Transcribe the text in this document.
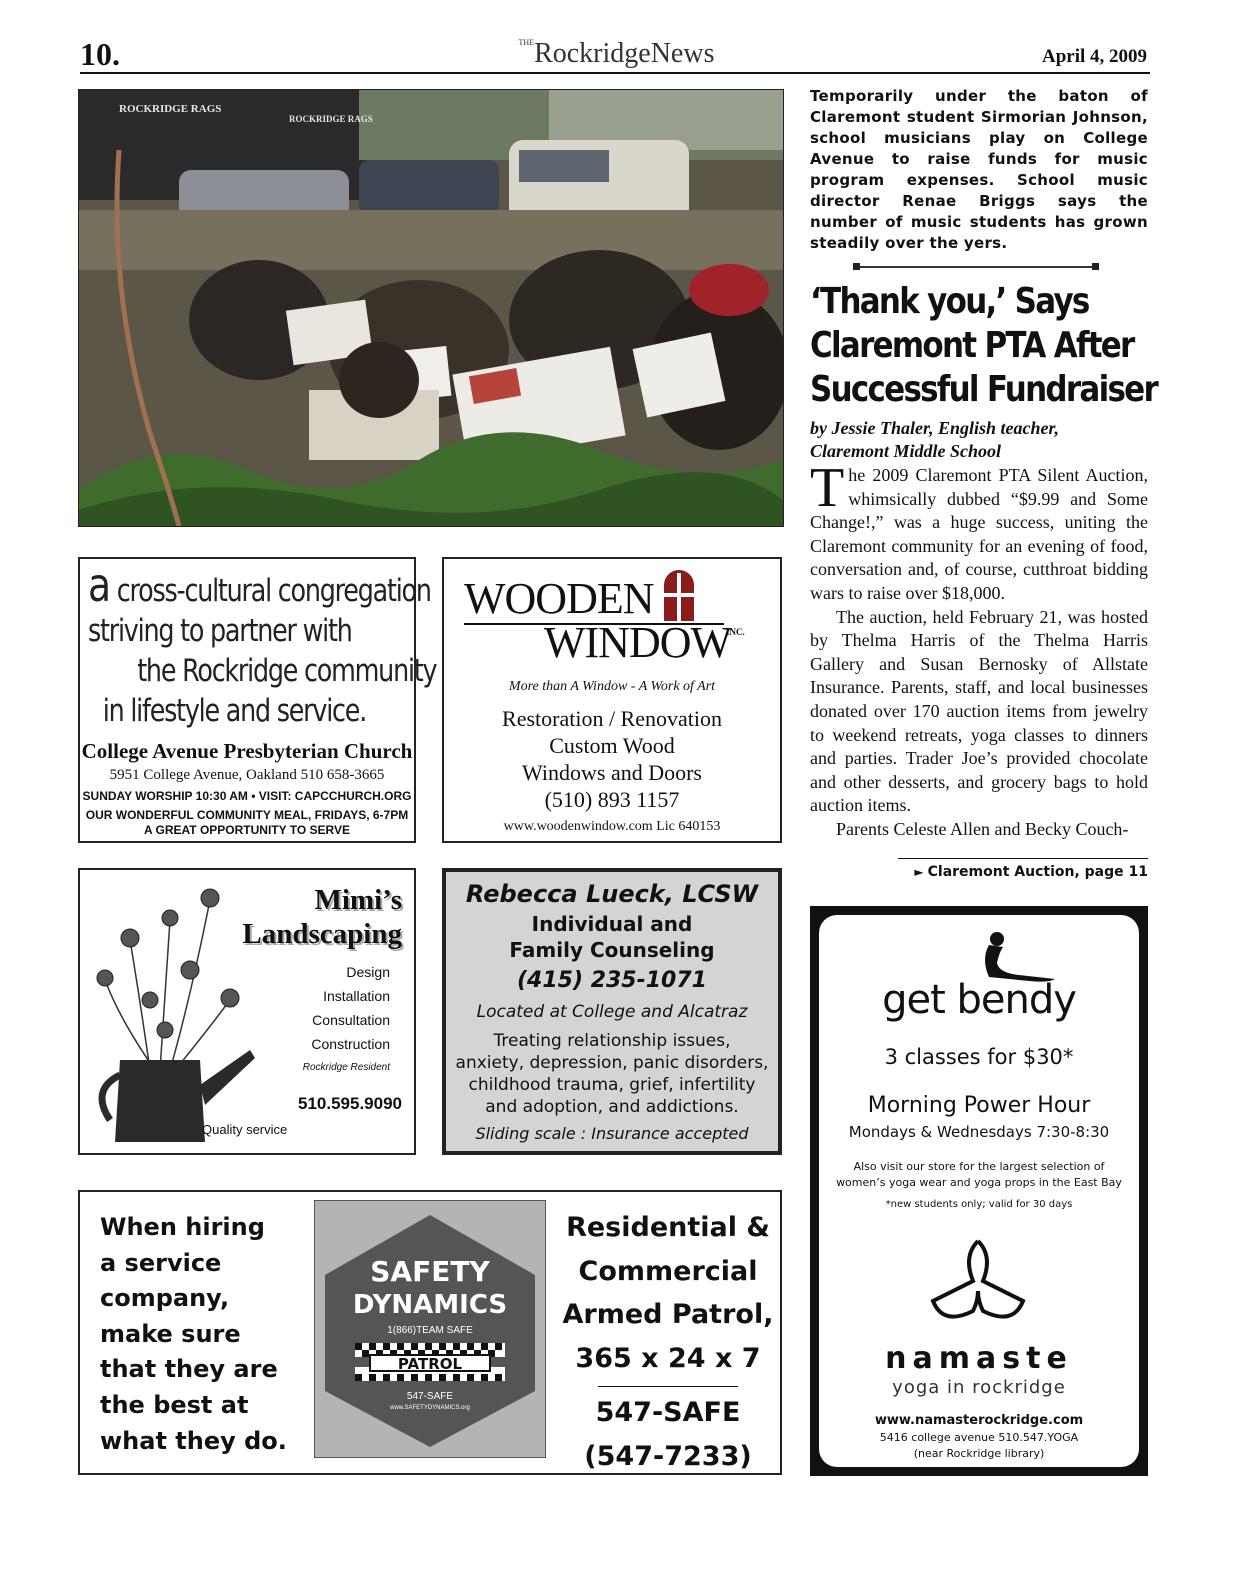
10.	$^{THE}$RockridgeNews	April 4, 2009
ROCKRIDGE RAGS
ROCKRIDGE RAGS
Temporarily under the baton of Claremont student Sirmorian Johnson, school musicians play on College Avenue to raise funds for music program expenses. School music director Renae Briggs says the number of music students has grown steadily over the yers.
‘Thank you,’ Says
Claremont PTA After
Successful Fundraiser
by Jessie Thaler, English teacher,
Claremont Middle School

The 2009 Claremont PTA Silent Auction, whimsically dubbed “$9.99 and Some Change!,” was a huge success, uniting the Claremont community for an evening of food, conversation and, of course, cutthroat bidding wars to raise over $18,000.

The auction, held February 21, was hosted by Thelma Harris of the Thelma Harris Gallery and Susan Bernosky of Allstate Insurance. Parents, staff, and local businesses donated over 170 auction items from jewelry to weekend retreats, yoga classes to dinners and parties. Trader Joe’s provided chocolate and other desserts, and grocery bags to hold auction items.

Parents Celeste Allen and Becky Couch-

► Claremont Auction, page 11
a cross-cultural congregation
striving to partner with
the Rockridge community
in lifestyle and service.
College Avenue Presbyterian Church
5951 College Avenue, Oakland 510 658-3665
SUNDAY WORSHIP 10:30 AM • VISIT: CAPCCHURCH.ORG
OUR WONDERFUL COMMUNITY MEAL, FRIDAYS, 6-7PM
A GREAT OPPORTUNITY TO SERVE
WOODEN
WINDOW
INC.
More than A Window - A Work of Art
Restoration / Renovation
Custom Wood
Windows and Doors
(510) 893 1157
www.woodenwindow.com Lic 640153
Mimi’s
Landscaping
Design
Installation
Consultation
Construction
Rockridge Resident
510.595.9090
Quality service
Rebecca Lueck, LCSW
Individual and
Family Counseling
(415) 235-1071
Located at College and Alcatraz
Treating relationship issues,
anxiety, depression, panic disorders,
childhood trauma, grief, infertility
and adoption, and addictions.
Sliding scale : Insurance accepted
When hiring
a service
company,
make sure
that they are
the best at
what they do.
SAFETY
DYNAMICS
1(866)TEAM SAFE
PATROL
547-SAFE
www.SAFETYDYNAMICS.org
Residential &
Commercial
Armed Patrol,
365 x 24 x 7
547-SAFE
(547-7233)
get bendy
3 classes for $30*
Morning Power Hour
Mondays & Wednesdays 7:30-8:30
Also visit our store for the largest selection of
women’s yoga wear and yoga props in the East Bay
*new students only; valid for 30 days
namaste
yoga in rockridge
www.namasterockridge.com
5416 college avenue 510.547.YOGA
(near Rockridge library)
